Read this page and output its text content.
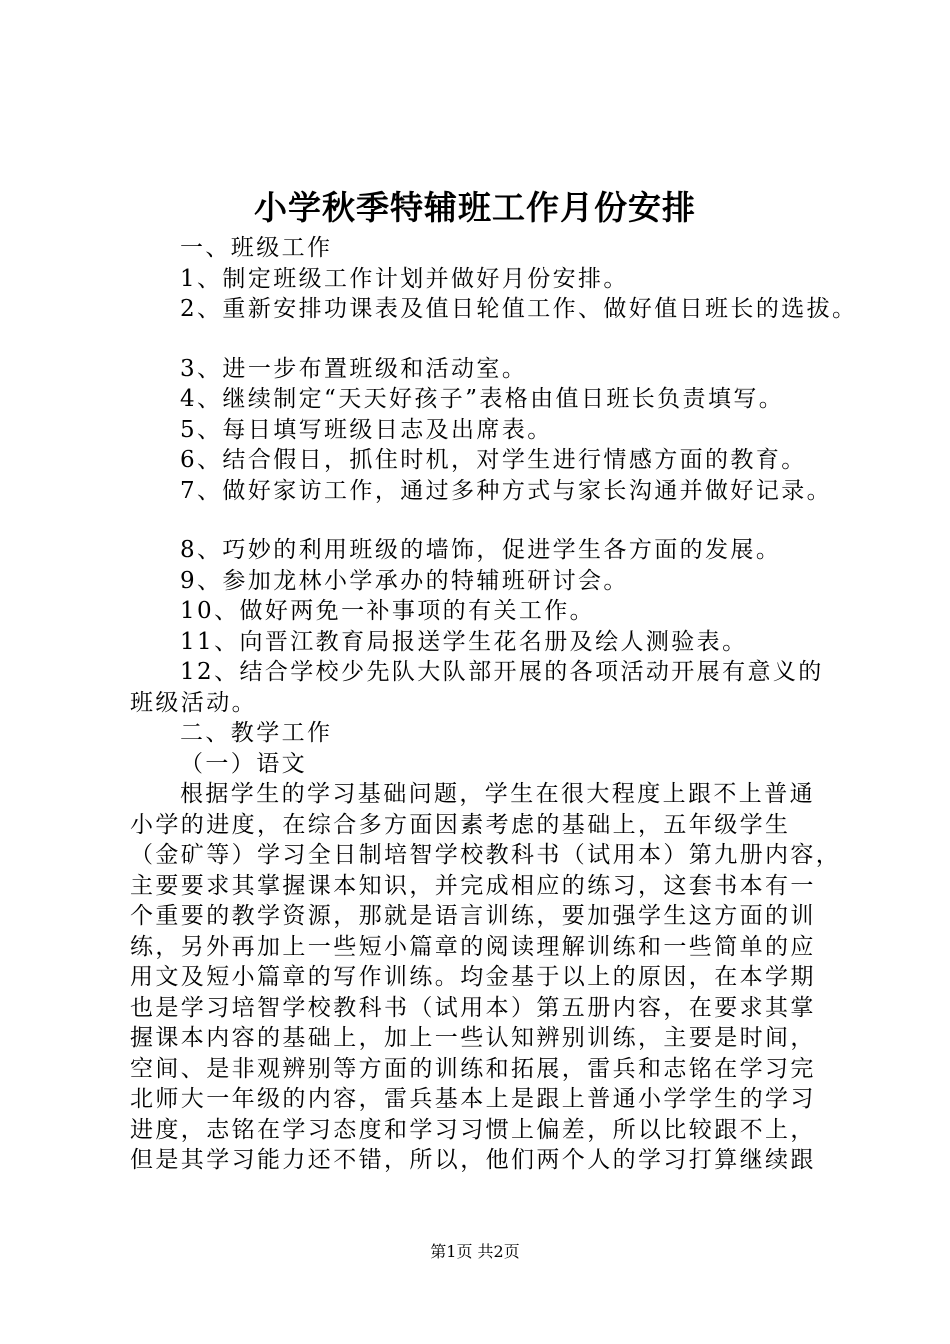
小学秋季特辅班工作月份安排
一、班级工作
1、制定班级工作计划并做好月份安排。
2、重新安排功课表及值日轮值工作、做好值日班长的选拔。
3、进一步布置班级和活动室。
4、继续制定“天天好孩子”表格由值日班长负责填写。
5、每日填写班级日志及出席表。
6、结合假日，抓住时机，对学生进行情感方面的教育。
7、做好家访工作，通过多种方式与家长沟通并做好记录。
8、巧妙的利用班级的墙饰，促进学生各方面的发展。
9、参加龙林小学承办的特辅班研讨会。
10、做好两免一补事项的有关工作。
11、向晋江教育局报送学生花名册及绘人测验表。
12、结合学校少先队大队部开展的各项活动开展有意义的
班级活动。
二、教学工作
（一）语文
根据学生的学习基础问题，学生在很大程度上跟不上普通
小学的进度，在综合多方面因素考虑的基础上，五年级学生
（金矿等）学习全日制培智学校教科书（试用本）第九册内容，
主要要求其掌握课本知识，并完成相应的练习，这套书本有一
个重要的教学资源，那就是语言训练，要加强学生这方面的训
练，另外再加上一些短小篇章的阅读理解训练和一些简单的应
用文及短小篇章的写作训练。均金基于以上的原因，在本学期
也是学习培智学校教科书（试用本）第五册内容，在要求其掌
握课本内容的基础上，加上一些认知辨别训练，主要是时间，
空间、是非观辨别等方面的训练和拓展，雷兵和志铭在学习完
北师大一年级的内容，雷兵基本上是跟上普通小学学生的学习
进度，志铭在学习态度和学习习惯上偏差，所以比较跟不上，
但是其学习能力还不错，所以，他们两个人的学习打算继续跟
第1页 共2页
